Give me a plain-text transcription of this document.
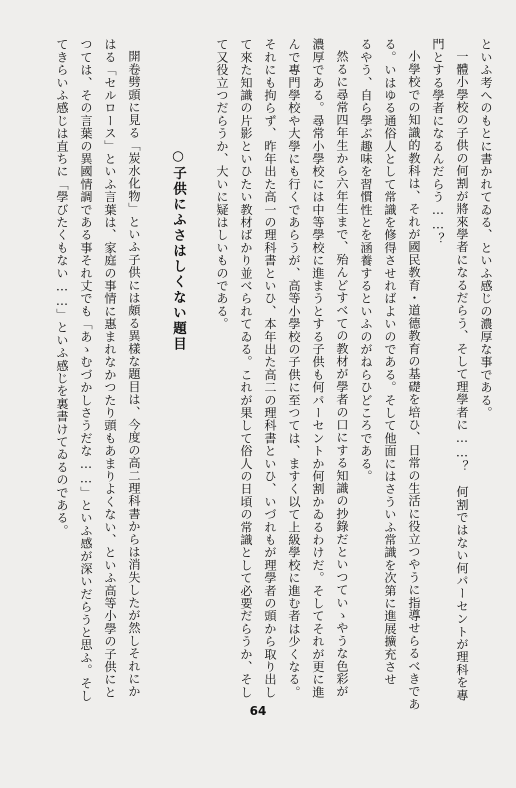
といふ考へのもとに書かれてゐる、といふ感じの濃厚な事である。
一體小學校の子供の何割が將來學者になるだらう、そして理學者に……？　何割ではない何パーセントが理科を專
門とする學者になるんだらう……？
小學校での知識的教科は、それが國民教育・道德教育の基礎を培ひ、日常の生活に役立つやうに指導せらるべきであ
る。いはゆる通俗人として常識を修得させればよいのである。そして他面にはさういふ常識を次第に進展擴充させ
るやう、自ら學ぶ趣味を習慣性とを涵養するといふのがねらひどころである。
然るに尋常四年生から六年生まで、殆んどすべての教材が學者の口にする知識の抄錄だといつていゝやうな色彩が
濃厚である。尋常小學校には中等學校に進まうとする子供も何パーセントか何割かゐるわけだ。そしてそれが更に進
んで專門學校や大學にも行くであらうが、高等小學校の子供に至つては、ますく以て上級學校に進む者は少くなる。
それにも拘らず、昨年出た高一の理科書といひ、本年出た高二の理科書といひ、いづれもが理學者の頭から取り出し
て來た知識の片影といひたい教材ばかり並べられてゐる。これが果して俗人の日頃の常識として必要だらうか、そし
て又役立つだらうか、大いに疑はしいものである。
○子供にふさはしくない題目
開卷劈頭に見る「炭水化物」といふ子供には頗る異樣な題目は、今度の高二理科書からは消失したが然しそれにか
はる「セルロース」といふ言葉は、家庭の事情に惠まれなかつたり頭もあまりよくない、といふ高等小學の子供にと
つては、その言葉の異國情調である事それ丈でも「あゝむづかしさうだな……」といふ感が深いだらうと思ふ。そし
てきらいふ感じは直ちに「學びたくもない……」といふ感じを裏書けてゐるのである。
64
